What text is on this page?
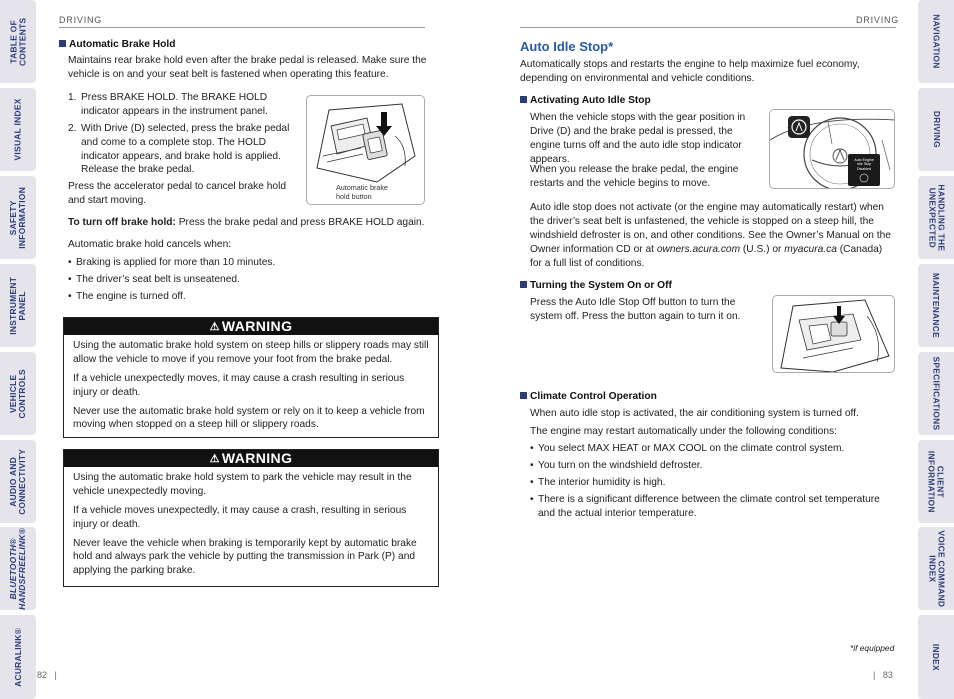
TABLE OF
CONTENTS
VISUAL INDEX
SAFETY
INFORMATION
INSTRUMENT
PANEL
VEHICLE
CONTROLS
AUDIO AND
CONNECTIVITY
BLUETOOTH®
HANDSFREELINK®
ACURALINK®
NAVIGATION
DRIVING
HANDLING THE
UNEXPECTED
MAINTENANCE
SPECIFICATIONS
CLIENT
INFORMATION
VOICE COMMAND
INDEX
INDEX
DRIVING
Automatic Brake Hold
Maintains rear brake hold even after the brake pedal is released. Make sure the vehicle is on and your seat belt is fastened when operating this feature.
1. Press BRAKE HOLD. The BRAKE HOLD indicator appears in the instrument panel.
2. With Drive (D) selected, press the brake pedal and come to a complete stop. The HOLD indicator appears, and brake hold is applied. Release the brake pedal.
Press the accelerator pedal to cancel brake hold and start moving.
Automatic brake
hold button
To turn off brake hold: Press the brake pedal and press BRAKE HOLD again.
Automatic brake hold cancels when:
• Braking is applied for more than 10 minutes.
• The driver’s seat belt is unseatened.
• The engine is turned off.
⚠ WARNING

Using the automatic brake hold system on steep hills or slippery roads may still allow the vehicle to move if you remove your foot from the brake pedal.

If a vehicle unexpectedly moves, it may cause a crash resulting in serious injury or death.

Never use the automatic brake hold system or rely on it to keep a vehicle from moving when stopped on a steep hill or slippery roads.

⚠ WARNING

Using the automatic brake hold system to park the vehicle may result in the vehicle unexpectedly moving.

If a vehicle moves unexpectedly, it may cause a crash, resulting in serious injury or death.

Never leave the vehicle when braking is temporarily kept by automatic brake hold and always park the vehicle by putting the transmission in Park (P) and applying the parking brake.

82   |
DRIVING
Auto Idle Stop*
Automatically stops and restarts the engine to help maximize fuel economy, depending on environmental and vehicle conditions.
Activating Auto Idle Stop
When the vehicle stops with the gear position in Drive (D) and the brake pedal is pressed, the engine turns off and the auto idle stop indicator appears.
When you release the brake pedal, the engine restarts and the vehicle begins to move.
Auto Engine
Idle Stop
Disabled
Auto idle stop does not activate (or the engine may automatically restart) when the driver’s seat belt is unfastened, the vehicle is stopped on a steep hill, the windshield defroster is on, and other conditions. See the Owner’s Manual on the Owner information CD or at owners.acura.com (U.S.) or myacura.ca (Canada) for a full list of conditions.
Turning the System On or Off
Press the Auto Idle Stop Off button to turn the system off. Press the button again to turn it on.
Climate Control Operation
When auto idle stop is activated, the air conditioning system is turned off.
The engine may restart automatically under the following conditions:
• You select MAX HEAT or MAX COOL on the climate control system.
• You turn on the windshield defroster.
• The interior humidity is high.
• There is a significant difference between the climate control set temperature and the actual interior temperature.
*if equipped
|   83
